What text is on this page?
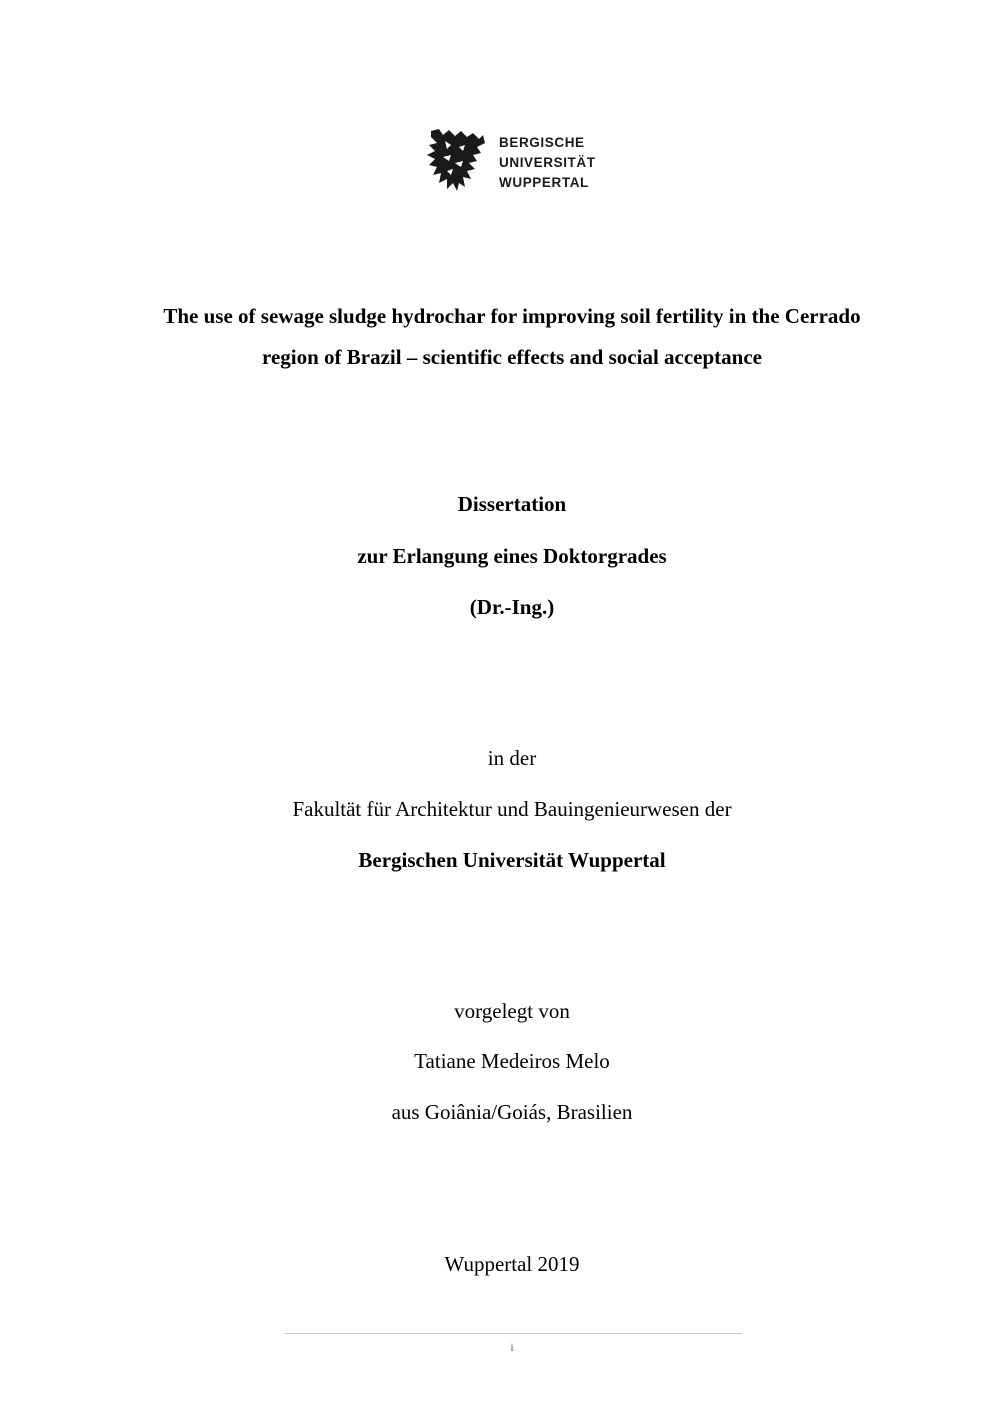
BERGISCHE
UNIVERSITÄT
WUPPERTAL
The use of sewage sludge hydrochar for improving soil fertility in the Cerrado
region of Brazil – scientific effects and social acceptance
Dissertation
zur Erlangung eines Doktorgrades
(Dr.-Ing.)
in der
Fakultät für Architektur und Bauingenieurwesen der
Bergischen Universität Wuppertal
vorgelegt von
Tatiane Medeiros Melo
aus Goiânia/Goiás, Brasilien
Wuppertal 2019
i
